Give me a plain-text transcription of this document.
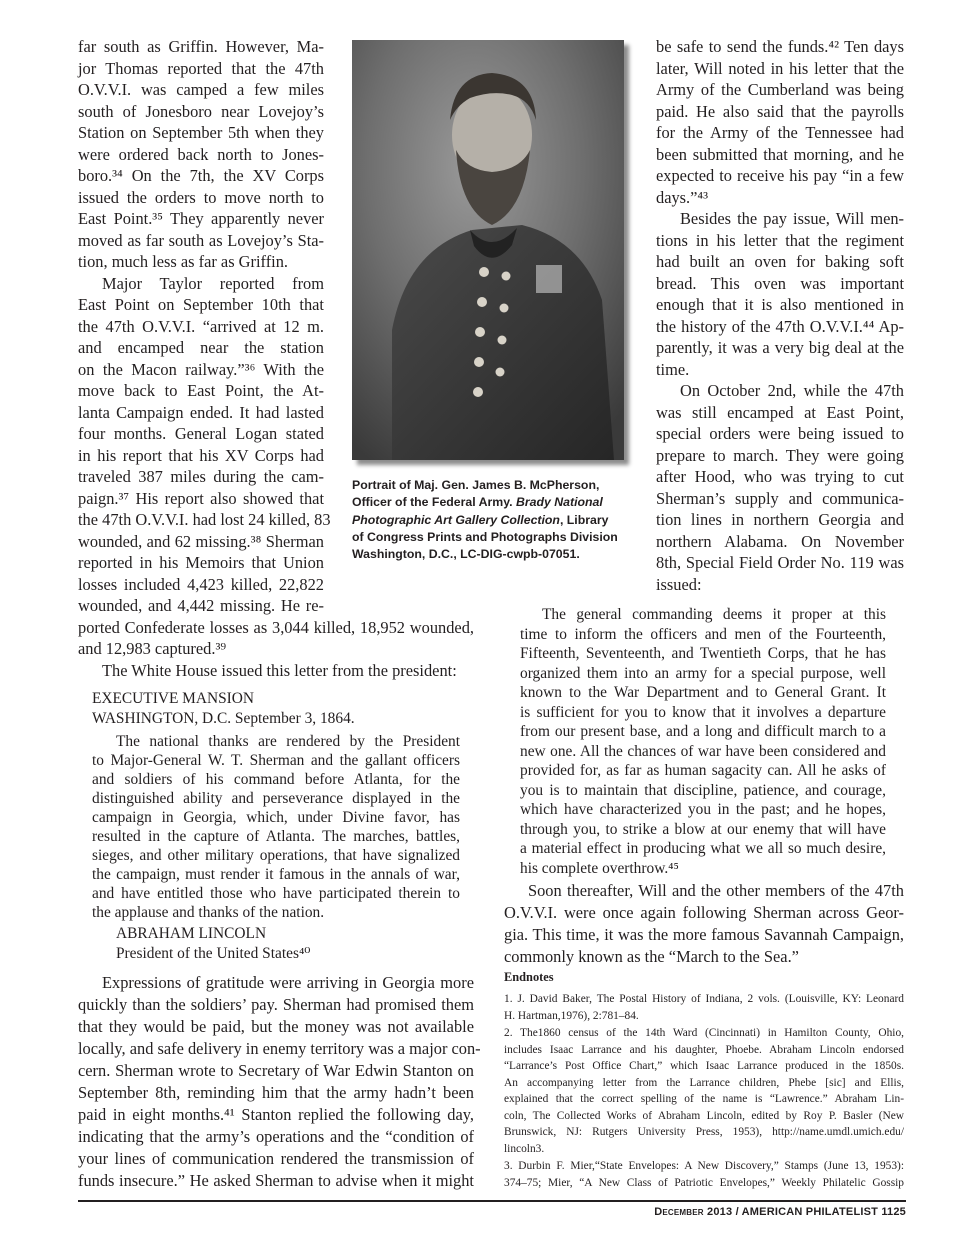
far south as Griffin. However, Ma-
jor Thomas reported that the 47th
O.V.V.I. was camped a few miles
south of Jonesboro near Lovejoy’s
Station on September 5th when they
were ordered back north to Jones-
boro.³⁴ On the 7th, the XV Corps
issued the orders to move north to
East Point.³⁵ They apparently never
moved as far south as Lovejoy’s Sta-
tion, much less as far as Griffin.
Major Taylor reported from
East Point on September 10th that
the 47th O.V.V.I. “arrived at 12 m.
and encamped near the station
on the Macon railway.”³⁶ With the
move back to East Point, the At-
lanta Campaign ended. It had lasted
four months. General Logan stated
in his report that his XV Corps had
traveled 387 miles during the cam-
paign.³⁷ His report also showed that
the 47th O.V.V.I. had lost 24 killed, 83
wounded, and 62 missing.³⁸ Sherman
reported in his Memoirs that Union
losses included 4,423 killed, 22,822
wounded, and 4,442 missing. He re-
ported Confederate losses as 3,044 killed, 18,952 wounded,
and 12,983 captured.³⁹
The White House issued this letter from the president:
EXECUTIVE MANSION
WASHINGTON, D.C. September 3, 1864.
The national thanks are rendered by the President
to Major-General W. T. Sherman and the gallant officers
and soldiers of his command before Atlanta, for the
distinguished ability and perseverance displayed in the
campaign in Georgia, which, under Divine favor, has
resulted in the capture of Atlanta. The marches, battles,
sieges, and other military operations, that have signalized
the campaign, must render it famous in the annals of war,
and have entitled those who have participated therein to
the applause and thanks of the nation.
ABRAHAM LINCOLN
President of the United States⁴⁰
Expressions of gratitude were arriving in Georgia more
quickly than the soldiers’ pay. Sherman had promised them
that they would be paid, but the money was not available
locally, and safe delivery in enemy territory was a major con-
cern. Sherman wrote to Secretary of War Edwin Stanton on
September 8th, reminding him that the army hadn’t been
paid in eight months.⁴¹ Stanton replied the following day,
indicating that the army’s operations and the “condition of
your lines of communication rendered the transmission of
funds insecure.” He asked Sherman to advise when it might
Portrait of Maj. Gen. James B. McPherson,
Officer of the Federal Army. Brady National
Photographic Art Gallery Collection, Library
of Congress Prints and Photographs Division
Washington, D.C., LC-DIG-cwpb-07051.
be safe to send the funds.⁴² Ten days
later, Will noted in his letter that the
Army of the Cumberland was being
paid. He also said that the payrolls
for the Army of the Tennessee had
been submitted that morning, and he
expected to receive his pay “in a few
days.”⁴³
Besides the pay issue, Will men-
tions in his letter that the regiment
had built an oven for baking soft
bread. This oven was important
enough that it is also mentioned in
the history of the 47th O.V.V.I.⁴⁴ Ap-
parently, it was a very big deal at the
time.
On October 2nd, while the 47th
was still encamped at East Point,
special orders were being issued to
prepare to march. They were going
after Hood, who was trying to cut
Sherman’s supply and communica-
tion lines in northern Georgia and
northern Alabama. On November
8th, Special Field Order No. 119 was
issued:
The general commanding deems it proper at this
time to inform the officers and men of the Fourteenth,
Fifteenth, Seventeenth, and Twentieth Corps, that he has
organized them into an army for a special purpose, well
known to the War Department and to General Grant. It
is sufficient for you to know that it involves a departure
from our present base, and a long and difficult march to a
new one. All the chances of war have been considered and
provided for, as far as human sagacity can. All he asks of
you is to maintain that discipline, patience, and courage,
which have characterized you in the past; and he hopes,
through you, to strike a blow at our enemy that will have
a material effect in producing what we all so much desire,
his complete overthrow.⁴⁵
Soon thereafter, Will and the other members of the 47th
O.V.V.I. were once again following Sherman across Geor-
gia. This time, it was the more famous Savannah Campaign,
commonly known as the “March to the Sea.”
Endnotes
1. J. David Baker, The Postal History of Indiana, 2 vols. (Louisville, KY: Leonard
H. Hartman,1976), 2:781–84.
2. The1860 census of the 14th Ward (Cincinnati) in Hamilton County, Ohio,
includes Isaac Larrance and his daughter, Phoebe. Abraham Lincoln endorsed
“Larrance’s Post Office Chart,” which Isaac Larrance produced in the 1850s.
An accompanying letter from the Larrance children, Phebe [sic] and Ellis,
explained that the correct spelling of the name is “Lawrence.” Abraham Lin-
coln, The Collected Works of Abraham Lincoln, edited by Roy P. Basler (New
Brunswick, NJ: Rutgers University Press, 1953), http://name.umdl.umich.edu/
lincoln3.
3. Durbin F. Mier,“State Envelopes: A New Discovery,” Stamps (June 13, 1953):
374–75; Mier, “A New Class of Patriotic Envelopes,” Weekly Philatelic Gossip
December 2013 / AMERICAN PHILATELIST 1125
